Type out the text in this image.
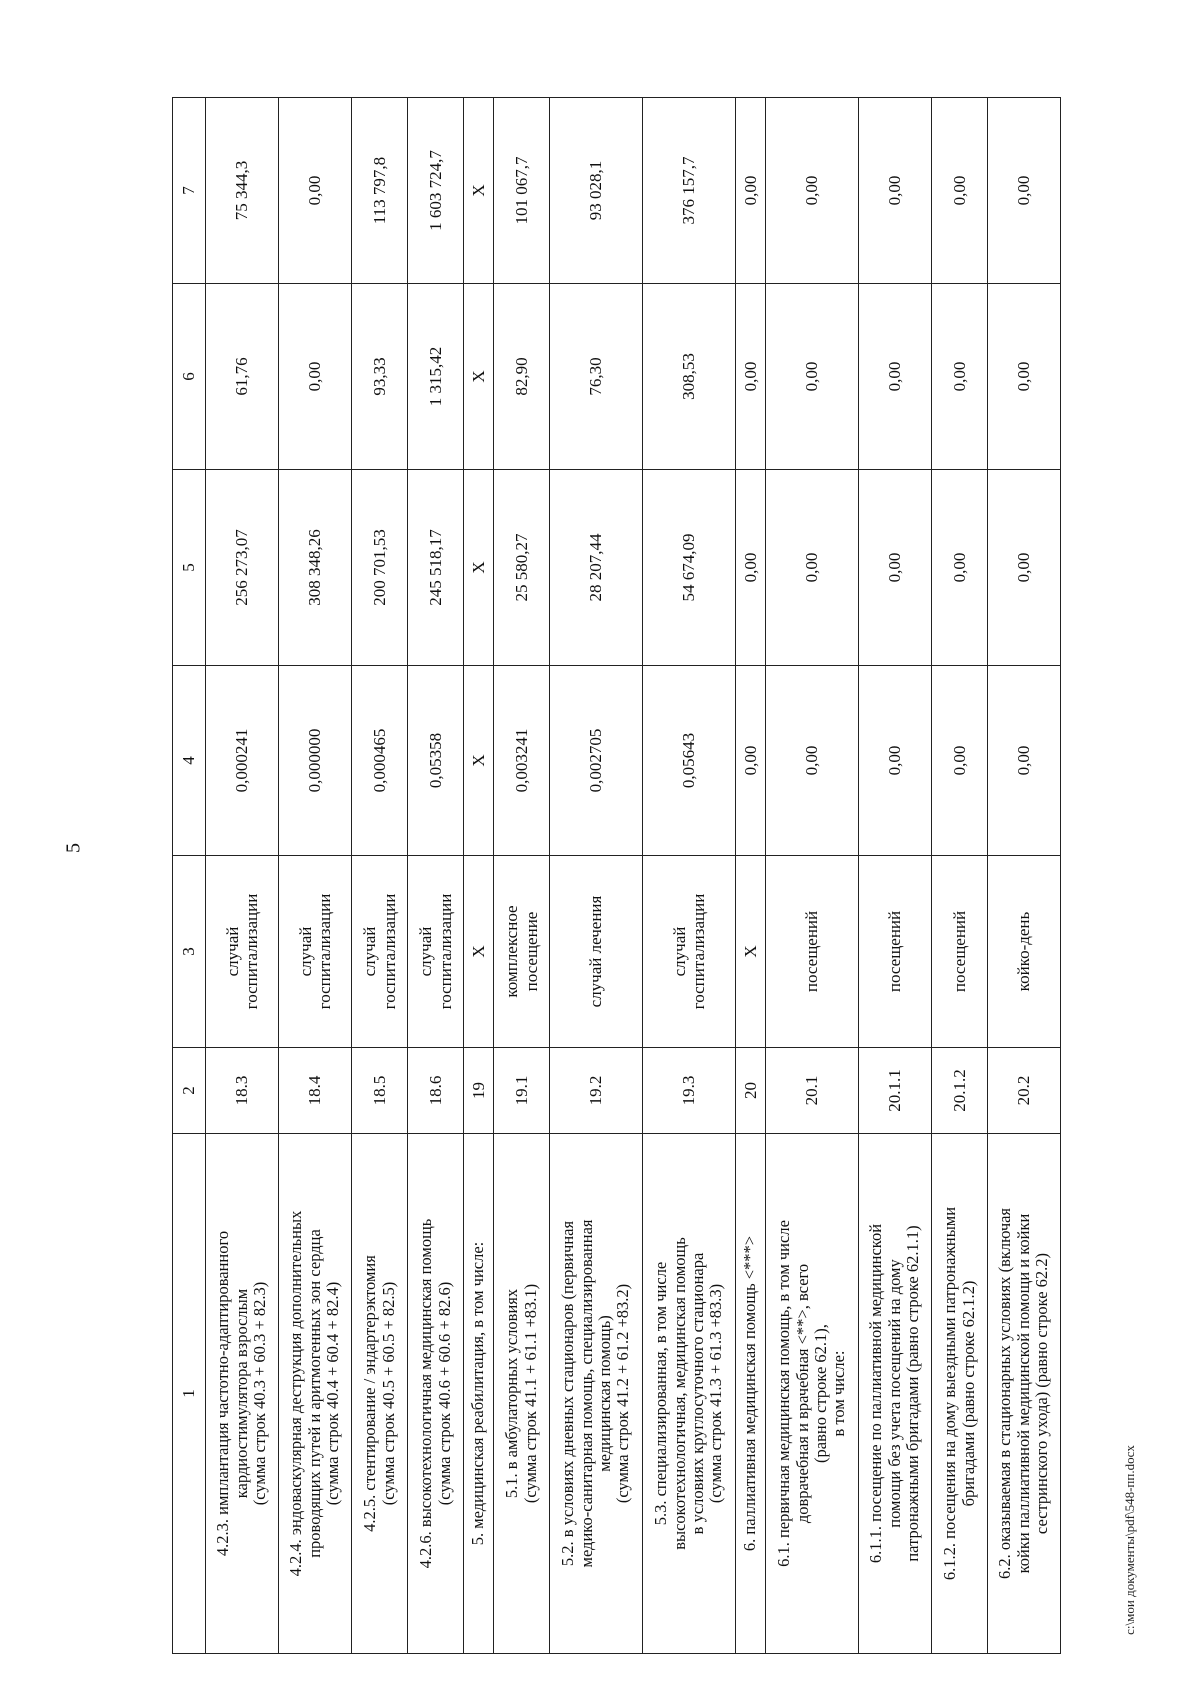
5
1	2	3	4	5	6	7

4.2.3. имплантация частотно-адаптированного кардиостимулятора взрослым (сумма строк 40.3 + 60.3 + 82.3)	18.3	случай госпитализации	0,000241	256 273,07	61,76	75 344,3

4.2.4. эндоваскулярная деструкция дополнительных проводящих путей и аритмогенных зон сердца (сумма строк 40.4 + 60.4 + 82.4)	18.4	случай госпитализации	0,000000	308 348,26	0,00	0,00

4.2.5. стентирование / эндартерэктомия (сумма строк 40.5 + 60.5 + 82.5)	18.5	случай госпитализации	0,000465	200 701,53	93,33	113 797,8

4.2.6. высокотехнологичная медицинская помощь (сумма строк 40.6 + 60.6 + 82.6)	18.6	случай госпитализации	0,05358	245 518,17	1 315,42	1 603 724,7

5. медицинская реабилитация, в том числе:	19	X	X	X	X	X

5.1. в амбулаторных условиях (сумма строк 41.1 + 61.1 +83.1)	19.1	комплексное посещение	0,003241	25 580,27	82,90	101 067,7

5.2. в условиях дневных стационаров (первичная медико-санитарная помощь, специализированная медицинская помощь) (сумма строк 41.2 + 61.2 +83.2)	19.2	случай лечения	0,002705	28 207,44	76,30	93 028,1

5.3. специализированная, в том числе высокотехнологичная, медицинская помощь в условиях круглосуточного стационара (сумма строк 41.3 + 61.3 +83.3)	19.3	случай госпитализации	0,05643	54 674,09	308,53	376 157,7

6. паллиативная медицинская помощь <***>	20	X	0,00	0,00	0,00	0,00

6.1. первичная медицинская помощь, в том числе доврачебная и врачебная <**>, всего (равно строке 62.1), в том числе:	20.1	посещений	0,00	0,00	0,00	0,00

6.1.1. посещение по паллиативной медицинской помощи без учета посещений на дому патронажными бригадами (равно строке 62.1.1)	20.1.1	посещений	0,00	0,00	0,00	0,00

6.1.2. посещения на дому выездными патронажными бригадами (равно строке 62.1.2)	20.1.2	посещений	0,00	0,00	0,00	0,00

6.2. оказываемая в стационарных условиях (включая койки паллиативной медицинской помощи и койки сестринского ухода) (равно строке 62.2)	20.2	койко-день	0,00	0,00	0,00	0,00
c:\мои документы\pdf\548-пп.docx
